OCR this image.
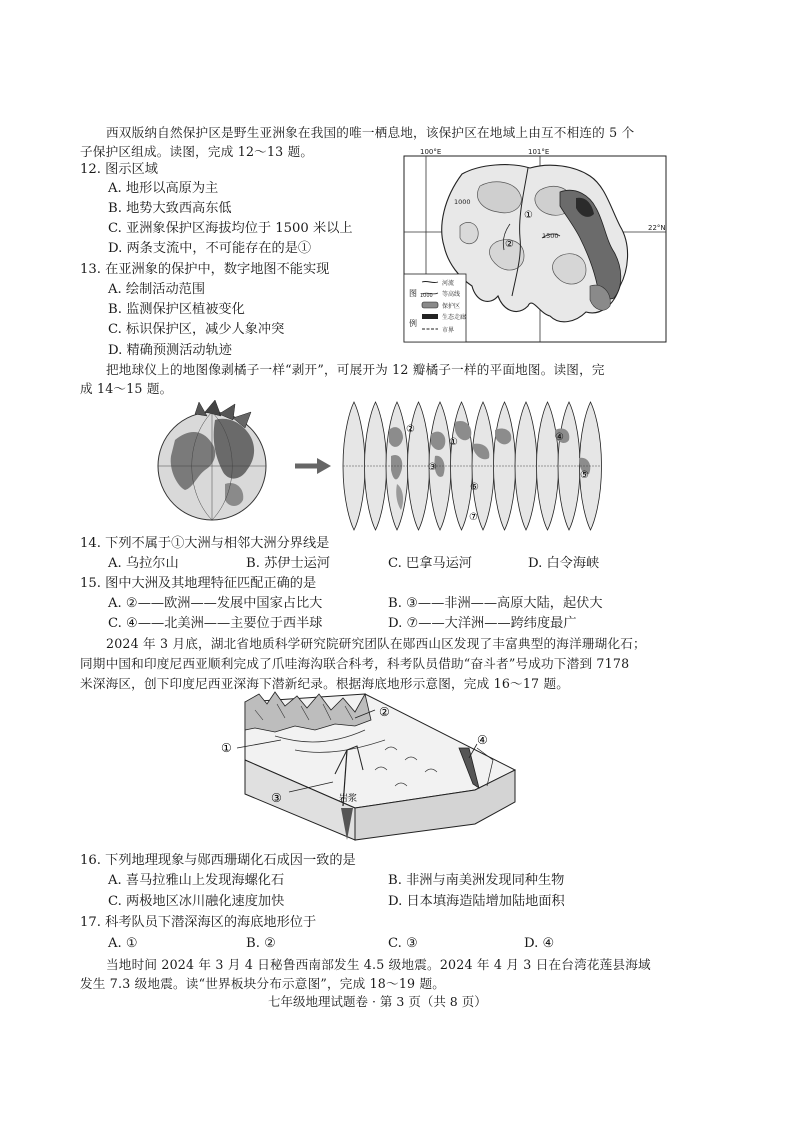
西双版纳自然保护区是野生亚洲象在我国的唯一栖息地，该保护区在地域上由互不相连的 5 个
子保护区组成。读图，完成 12～13 题。
12. 图示区域
A. 地形以高原为主
B. 地势大致西高东低
C. 亚洲象保护区海拔均位于 1500 米以上
D. 两条支流中，不可能存在的是①
13. 在亚洲象的保护中，数字地图不能实现
A. 绘制活动范围
B. 监测保护区植被变化
C. 标识保护区，减少人象冲突
D. 精确预测活动轨迹
100°E	101°E
22°N
1000
1500
①
②
图
例
河流
1000 等高线
保护区
生态走廊
市界
把地球仪上的地图像剥橘子一样“剥开”，可展开为 12 瓣橘子一样的平面地图。读图，完
成 14～15 题。
②
①
③
⑥
⑦
④
⑤
14. 下列不属于①大洲与相邻大洲分界线是
A. 乌拉尔山	B. 苏伊士运河	C. 巴拿马运河	D. 白令海峡
15. 图中大洲及其地理特征匹配正确的是
A. ②——欧洲——发展中国家占比大	B. ③——非洲——高原大陆，起伏大
C. ④——北美洲——主要位于西半球	D. ⑦——大洋洲——跨纬度最广
2024 年 3 月底，湖北省地质科学研究院研究团队在郧西山区发现了丰富典型的海洋珊瑚化石；
同期中国和印度尼西亚顺利完成了爪哇海沟联合科考，科考队员借助“奋斗者”号成功下潜到 7178
米深海区，创下印度尼西亚深海下潜新纪录。根据海底地形示意图，完成 16～17 题。
①
②
③
④
岩浆
16. 下列地理现象与郧西珊瑚化石成因一致的是
A. 喜马拉雅山上发现海螺化石	B. 非洲与南美洲发现同种生物
C. 两极地区冰川融化速度加快	D. 日本填海造陆增加陆地面积
17. 科考队员下潜深海区的海底地形位于
A. ①	B. ②	C. ③	D. ④
当地时间 2024 年 3 月 4 日秘鲁西南部发生 4.5 级地震。2024 年 4 月 3 日在台湾花莲县海域
发生 7.3 级地震。读“世界板块分布示意图”，完成 18～19 题。
七年级地理试题卷 · 第 3 页（共 8 页）
